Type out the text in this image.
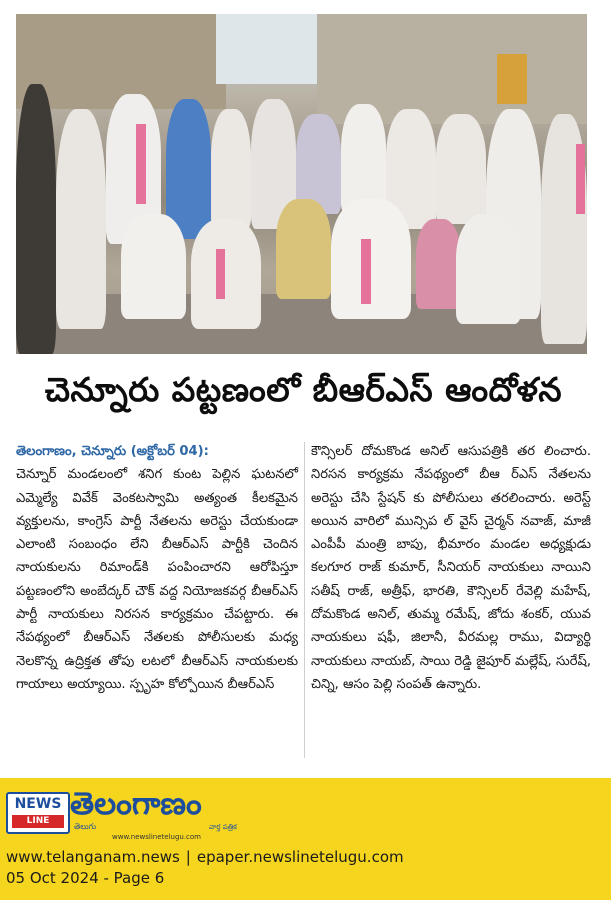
చెన్నూరు పట్టణంలో బీఆర్ఎస్ ఆందోళన
తెలంగాణం, చెన్నూరు (అక్టోబర్ 04):
చెన్నూర్ మండలంలో శనిగ కుంట పెల్లిన ఘటనలో ఎమ్మెల్యే వివేక్ వెంకటస్వామి అత్యంత కీలకమైన వ్యక్తులను, కాంగ్రెస్ పార్టీ నేతలను అరెస్టు చేయకుండా ఎలాంటి సంబంధం లేని బీఆర్ఎస్ పార్టీకి చెందిన నాయకులను రిమాండ్‌కి పంపించారని ఆరోపిస్తూ పట్టణంలోని అంబేద్కర్ చౌక్ వద్ద నియోజకవర్గ బీఆర్ఎస్ పార్టీ నాయకులు నిరసన కార్యక్రమం చేపట్టారు. ఈ నేపథ్యంలో బీఆర్ఎస్ నేతలకు పోలీసులకు మధ్య నెలకొన్న ఉద్రిక్తత తోపు లటలో బీఆర్ఎస్ నాయకులకు గాయాలు అయ్యాయి. స్పృహ కోల్పోయిన బీఆర్ఎస్
కౌన్సిలర్ దోమకొండ అనిల్ ఆసుపత్రికి తర లించారు. నిరసన కార్యక్రమ నేపథ్యంలో బీఆ ర్ఎస్ నేతలను అరెస్టు చేసి స్టేషన్ కు పోలీసులు తరలించారు. అరెస్ట్ అయిన వారిలో మున్సిప ల్ వైస్ చైర్మన్ నవాజ్, మాజీ ఎంపీపీ మంత్రి బాపు, భీమారం మండల అధ్యక్షుడు కలగూర రాజ్ కుమార్, సీనియర్ నాయకులు నాయిని సతీష్ రాజ్, అత్రీఫ్, భారతి, కౌన్సిలర్ రేవెల్లి మహేష్, దోమకొండ అనిల్, తుమ్మ రమేష్, జోదు శంకర్, యువ నాయకులు షఫీ, జిలానీ, వీరమల్ల రాము, విద్యార్థి నాయకులు నాయబ్, సాయి రెడ్డి జైపూర్ మల్లేష్, సురేష్, చిన్ని, ఆసం పెల్లి సంపత్ ఉన్నారు.
NEWS
LINE తెలంగాణం
తెలుగు
www.newslinetelugu.com
వార్త పత్రిక
www.telanganam.news | epaper.newslinetelugu.com
05 Oct 2024 - Page 6
